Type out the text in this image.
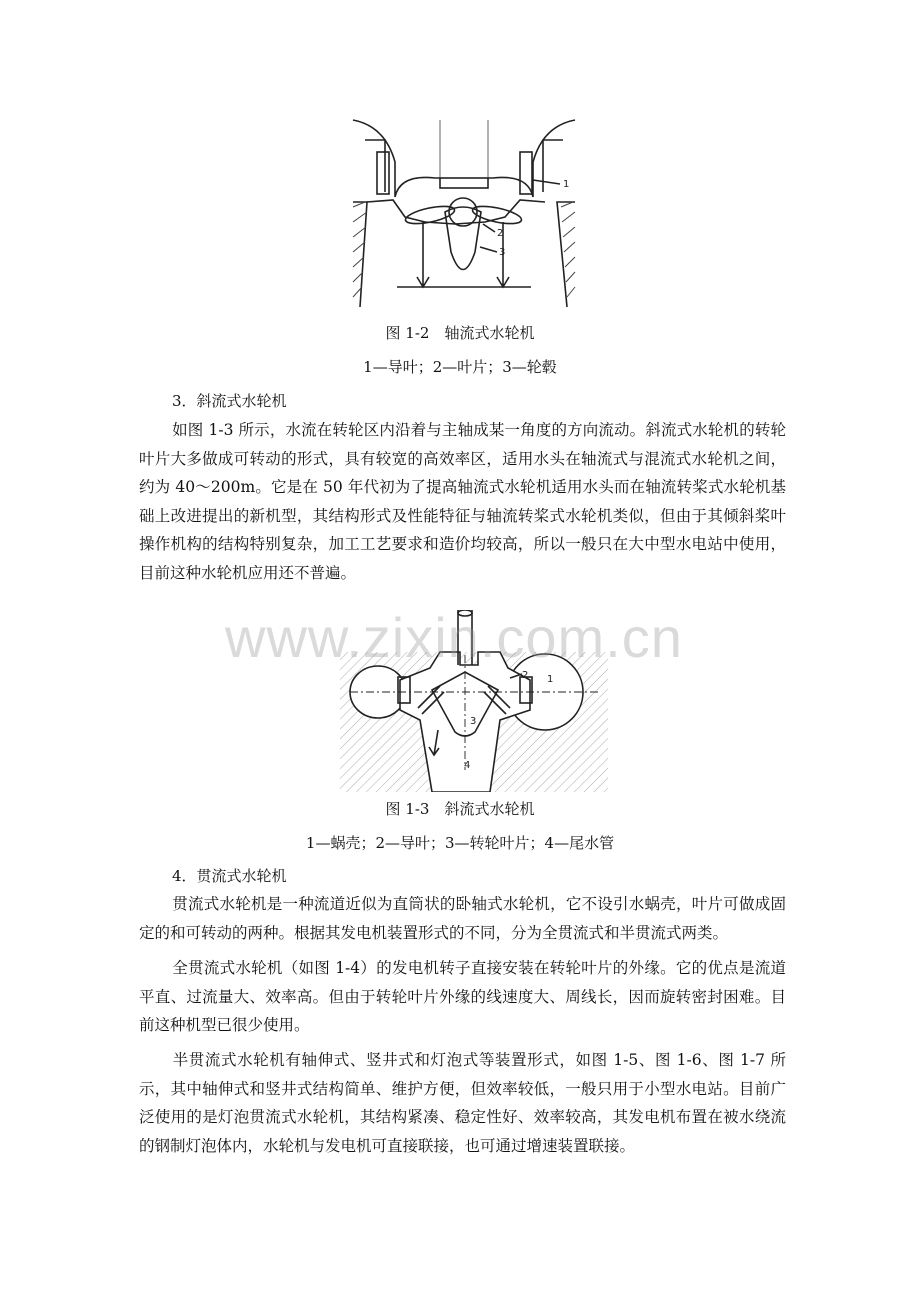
1
2
3
图 1-2　轴流式水轮机
1—导叶；2—叶片；3—轮毂
3．斜流式水轮机

如图 1-3 所示，水流在转轮区内沿着与主轴成某一角度的方向流动。斜流式水轮机的转轮叶片大多做成可转动的形式，具有较宽的高效率区，适用水头在轴流式与混流式水轮机之间，约为 40～200m。它是在 50 年代初为了提高轴流式水轮机适用水头而在轴流转桨式水轮机基础上改进提出的新机型，其结构形式及性能特征与轴流转桨式水轮机类似，但由于其倾斜桨叶操作机构的结构特别复杂，加工工艺要求和造价均较高，所以一般只在大中型水电站中使用，目前这种水轮机应用还不普遍。

1
2
3
4
www.zixin.com.cn
图 1-3　斜流式水轮机
1—蜗壳；2—导叶；3—转轮叶片；4—尾水管
4．贯流式水轮机

贯流式水轮机是一种流道近似为直筒状的卧轴式水轮机，它不设引水蜗壳，叶片可做成固定的和可转动的两种。根据其发电机装置形式的不同，分为全贯流式和半贯流式两类。

全贯流式水轮机（如图 1-4）的发电机转子直接安装在转轮叶片的外缘。它的优点是流道平直、过流量大、效率高。但由于转轮叶片外缘的线速度大、周线长，因而旋转密封困难。目前这种机型已很少使用。

半贯流式水轮机有轴伸式、竖井式和灯泡式等装置形式，如图 1-5、图 1-6、图 1-7 所示，其中轴伸式和竖井式结构简单、维护方便，但效率较低，一般只用于小型水电站。目前广泛使用的是灯泡贯流式水轮机，其结构紧凑、稳定性好、效率较高，其发电机布置在被水绕流的钢制灯泡体内，水轮机与发电机可直接联接，也可通过增速装置联接。
